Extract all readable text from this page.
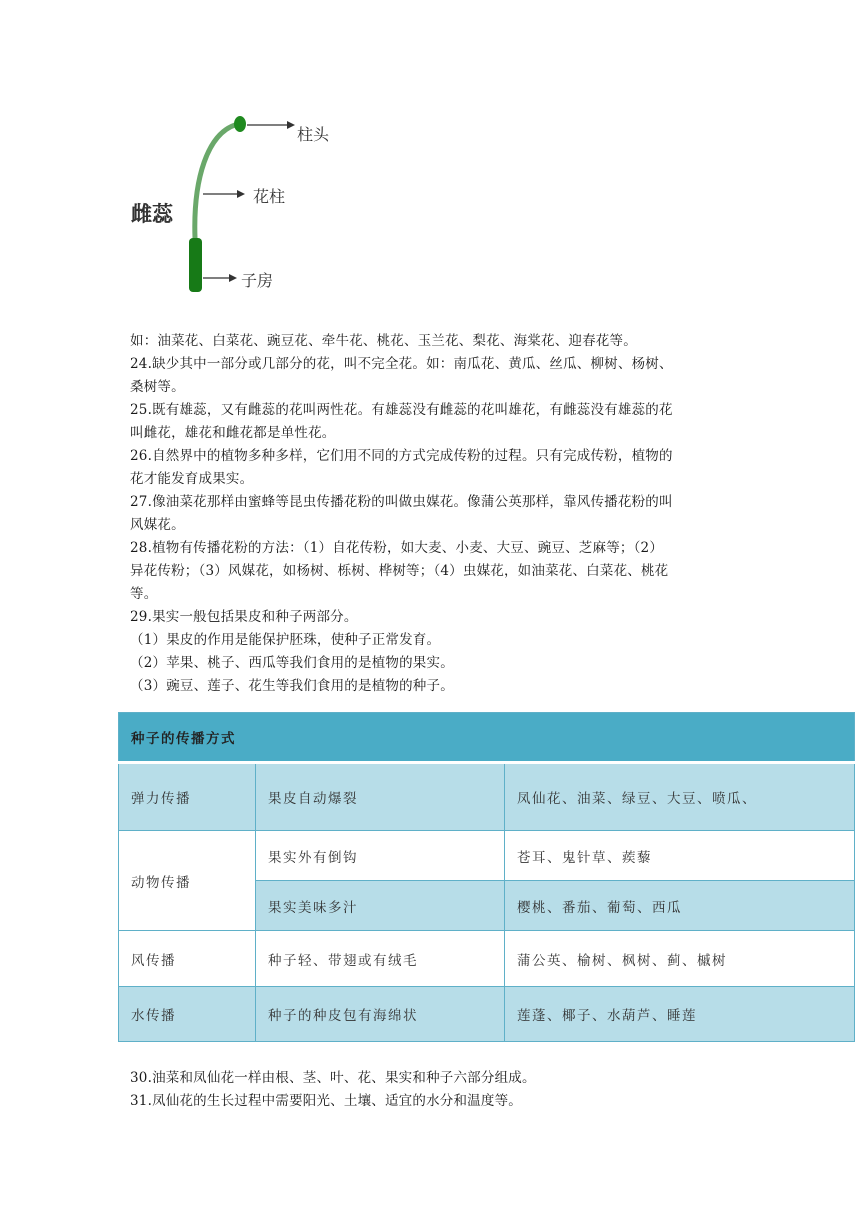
雌蕊
柱头
花柱
子房
如：油菜花、白菜花、豌豆花、牵牛花、桃花、玉兰花、梨花、海棠花、迎春花等。
24.缺少其中一部分或几部分的花，叫不完全花。如：南瓜花、黄瓜、丝瓜、柳树、杨树、
桑树等。
25.既有雄蕊，又有雌蕊的花叫两性花。有雄蕊没有雌蕊的花叫雄花，有雌蕊没有雄蕊的花
叫雌花，雄花和雌花都是单性花。
26.自然界中的植物多种多样，它们用不同的方式完成传粉的过程。只有完成传粉，植物的
花才能发育成果实。
27.像油菜花那样由蜜蜂等昆虫传播花粉的叫做虫媒花。像蒲公英那样，靠风传播花粉的叫
风媒花。
28.植物有传播花粉的方法：（1）自花传粉，如大麦、小麦、大豆、豌豆、芝麻等；（2）
异花传粉；（3）风媒花，如杨树、栎树、桦树等；（4）虫媒花，如油菜花、白菜花、桃花
等。
29.果实一般包括果皮和种子两部分。
（1）果皮的作用是能保护胚珠，使种子正常发育。
（2）苹果、桃子、西瓜等我们食用的是植物的果实。
（3）豌豆、莲子、花生等我们食用的是植物的种子。
种子的传播方式		
弹力传播	果皮自动爆裂	凤仙花、油菜、绿豆、大豆、喷瓜、
动物传播	果实外有倒钩	苍耳、鬼针草、蒺藜
	果实美味多汁	樱桃、番茄、葡萄、西瓜
风传播	种子轻、带翅或有绒毛	蒲公英、榆树、枫树、蓟、槭树
水传播	种子的种皮包有海绵状	莲蓬、椰子、水葫芦、睡莲
30.油菜和凤仙花一样由根、茎、叶、花、果实和种子六部分组成。
31.凤仙花的生长过程中需要阳光、土壤、适宜的水分和温度等。
